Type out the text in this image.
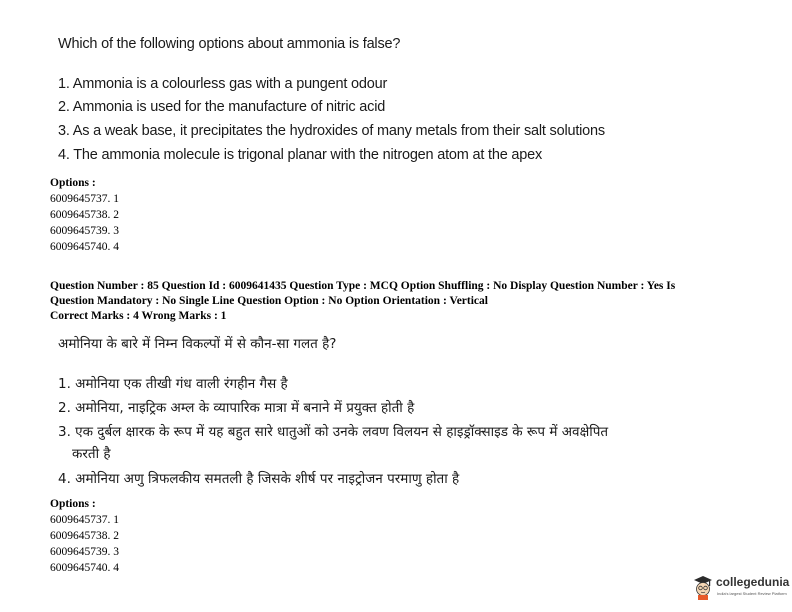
Which of the following options about ammonia is false?
1. Ammonia is a colourless gas with a pungent odour
2. Ammonia is used for the manufacture of nitric acid
3. As a weak base, it precipitates the hydroxides of many metals from their salt solutions
4. The ammonia molecule is trigonal planar with the nitrogen atom at the apex
Options :
6009645737. 1
6009645738. 2
6009645739. 3
6009645740. 4
Question Number : 85 Question Id : 6009641435 Question Type : MCQ Option Shuffling : No Display Question Number : Yes Is
Question Mandatory : No Single Line Question Option : No Option Orientation : Vertical
Correct Marks : 4 Wrong Marks : 1
अमोनिया के बारे में निम्न विकल्पों में से कौन-सा गलत है?
1. अमोनिया एक तीखी गंध वाली रंगहीन गैस है
2. अमोनिया, नाइट्रिक अम्ल के व्यापारिक मात्रा में बनाने में प्रयुक्त होती है
3. एक दुर्बल क्षारक के रूप में यह बहुत सारे धातुओं को उनके लवण विलयन से हाइड्रॉक्साइड के रूप में अवक्षेपित
करती है
4. अमोनिया अणु त्रिफलकीय समतली है जिसके शीर्ष पर नाइट्रोजन परमाणु होता है
Options :
6009645737. 1
6009645738. 2
6009645739. 3
6009645740. 4
collegedunia
India's largest Student Review Platform
